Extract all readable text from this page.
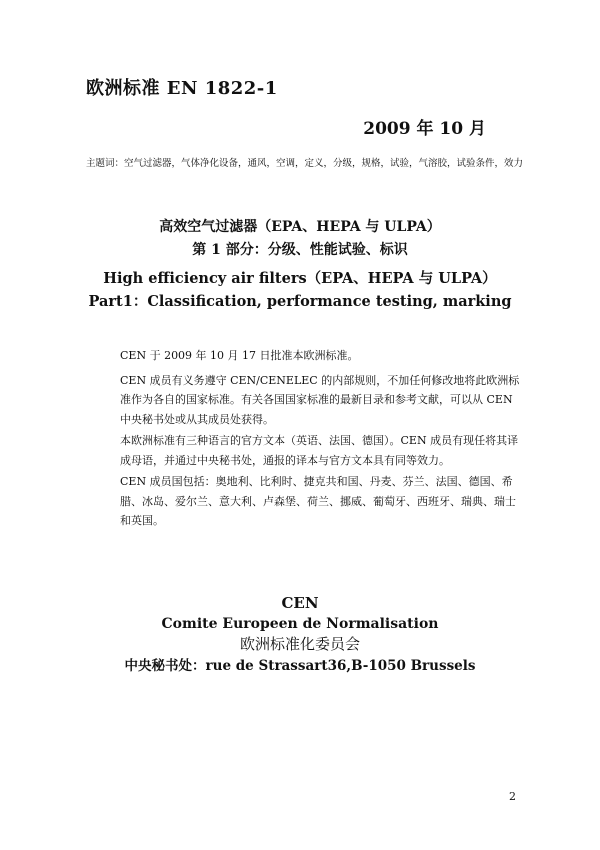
欧洲标准 EN 1822-1
2009 年 10 月
主题词：空气过滤器，气体净化设备，通风，空调，定义，分级，规格，试验，气溶胶，试验条件，效力
高效空气过滤器（EPA、HEPA 与 ULPA）
第 1 部分：分级、性能试验、标识
High efficiency air filters（EPA、HEPA 与 ULPA）
Part1：Classification, performance testing, marking

CEN 于 2009 年 10 月 17 日批准本欧洲标准。

CEN 成员有义务遵守 CEN/CENELEC 的内部规则，不加任何修改地将此欧洲标准作为各自的国家标准。有关各国国家标准的最新目录和参考文献，可以从 CEN 中央秘书处或从其成员处获得。

本欧洲标准有三种语言的官方文本（英语、法国、德国）。CEN 成员有现任将其译成母语，并通过中央秘书处，通报的译本与官方文本具有同等效力。

CEN 成员国包括：奥地利、比利时、捷克共和国、丹麦、芬兰、法国、德国、希腊、冰岛、爱尔兰、意大利、卢森堡、荷兰、挪威、葡萄牙、西班牙、瑞典、瑞士和英国。

CEN
Comite Europeen de Normalisation
欧洲标准化委员会
中央秘书处：rue de Strassart36,B-1050 Brussels
2
